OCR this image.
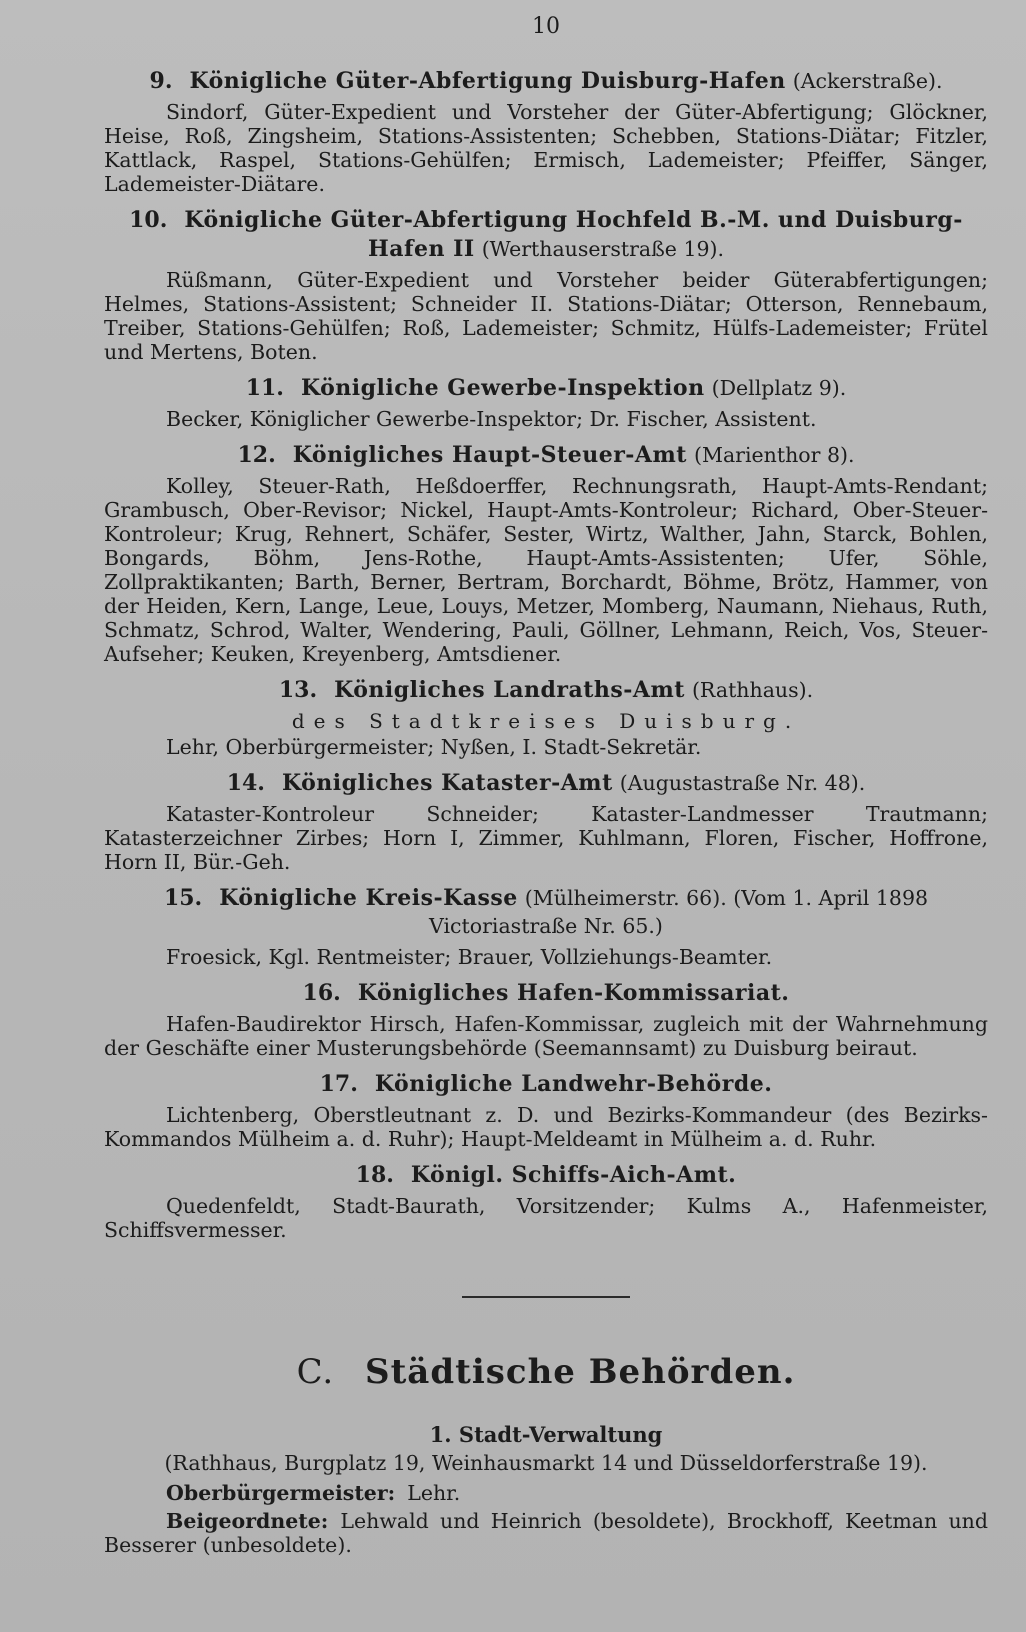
10
9. Königliche Güter-Abfertigung Duisburg-Hafen (Ackerstraße).

Sindorf, Güter-Expedient und Vorsteher der Güter-Abfertigung; Glöckner, Heise, Roß, Zingsheim, Stations-Assistenten; Schebben, Stations-Diätar; Fitzler, Kattlack, Raspel, Stations-Gehülfen; Ermisch, Lademeister; Pfeiffer, Sänger, Lademeister-Diätare.

10. Königliche Güter-Abfertigung Hochfeld B.-M. und Duisburg-Hafen II (Werthauserstraße 19).

Rüßmann, Güter-Expedient und Vorsteher beider Güterabfertigungen; Helmes, Stations-Assistent; Schneider II. Stations-Diätar; Otterson, Rennebaum, Treiber, Stations-Gehülfen; Roß, Lademeister; Schmitz, Hülfs-Lademeister; Frütel und Mertens, Boten.

11. Königliche Gewerbe-Inspektion (Dellplatz 9).

Becker, Königlicher Gewerbe-Inspektor; Dr. Fischer, Assistent.

12. Königliches Haupt-Steuer-Amt (Marienthor 8).

Kolley, Steuer-Rath, Heßdoerffer, Rechnungsrath, Haupt-Amts-Rendant; Grambusch, Ober-Revisor; Nickel, Haupt-Amts-Kontroleur; Richard, Ober-Steuer-Kontroleur; Krug, Rehnert, Schäfer, Sester, Wirtz, Walther, Jahn, Starck, Bohlen, Bongards, Böhm, Jens-Rothe, Haupt-Amts-Assistenten; Ufer, Söhle, Zollpraktikanten; Barth, Berner, Bertram, Borchardt, Böhme, Brötz, Hammer, von der Heiden, Kern, Lange, Leue, Louys, Metzer, Momberg, Naumann, Niehaus, Ruth, Schmatz, Schrod, Walter, Wendering, Pauli, Göllner, Lehmann, Reich, Vos, Steuer-Aufseher; Keuken, Kreyenberg, Amtsdiener.

13. Königliches Landraths-Amt (Rathhaus).

des Stadtkreises Duisburg.

Lehr, Oberbürgermeister; Nyßen, I. Stadt-Sekretär.

14. Königliches Kataster-Amt (Augustastraße Nr. 48).

Kataster-Kontroleur Schneider; Kataster-Landmesser Trautmann; Katasterzeichner Zirbes; Horn I, Zimmer, Kuhlmann, Floren, Fischer, Hoffrone, Horn II, Bür.-Geh.

15. Königliche Kreis-Kasse (Mülheimerstr. 66). (Vom 1. April 1898 Victoriastraße Nr. 65.)

Froesick, Kgl. Rentmeister; Brauer, Vollziehungs-Beamter.

16. Königliches Hafen-Kommissariat.

Hafen-Baudirektor Hirsch, Hafen-Kommissar, zugleich mit der Wahrnehmung der Geschäfte einer Musterungsbehörde (Seemannsamt) zu Duisburg beiraut.

17. Königliche Landwehr-Behörde.

Lichtenberg, Oberstleutnant z. D. und Bezirks-Kommandeur (des Bezirks-Kommandos Mülheim a. d. Ruhr); Haupt-Meldeamt in Mülheim a. d. Ruhr.

18. Königl. Schiffs-Aich-Amt.

Quedenfeldt, Stadt-Baurath, Vorsitzender; Kulms A., Hafenmeister, Schiffsvermesser.

C. Städtische Behörden.
1. Stadt-Verwaltung

(Rathhaus, Burgplatz 19, Weinhausmarkt 14 und Düsseldorferstraße 19).

Oberbürgermeister: Lehr.

Beigeordnete: Lehwald und Heinrich (besoldete), Brockhoff, Keetman und Besserer (unbesoldete).
